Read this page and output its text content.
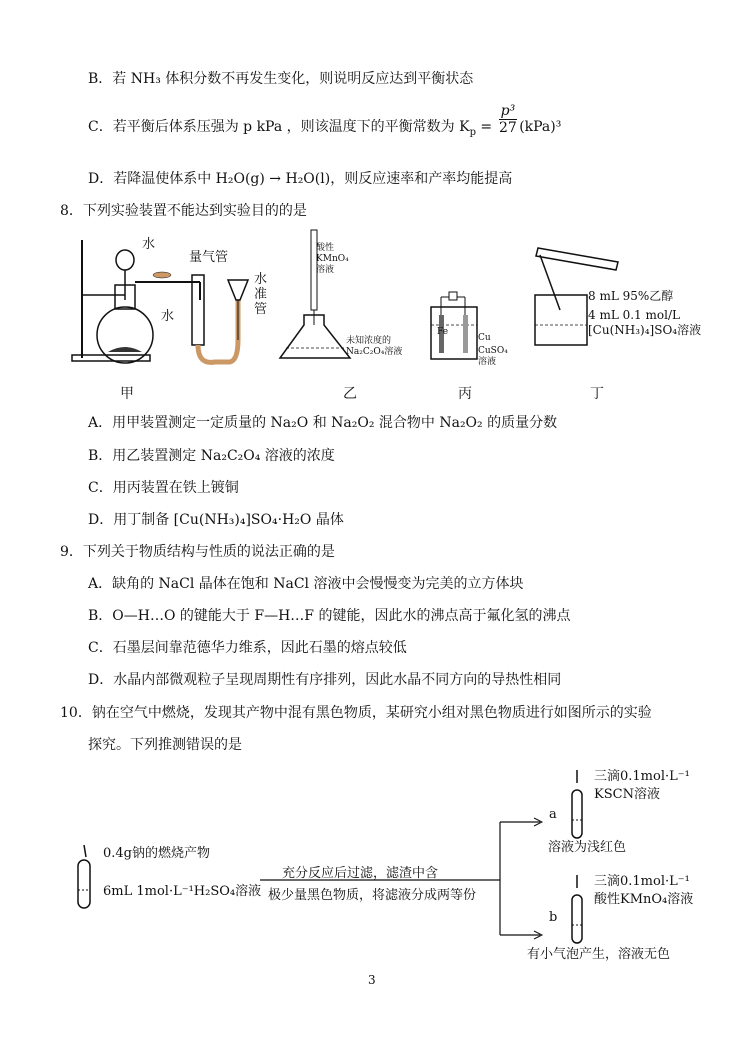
B．若 NH₃ 体积分数不再发生变化，则说明反应达到平衡状态
C．若平衡后体系压强为 p kPa ，则该温度下的平衡常数为 $K_p = \frac{\text{p³}}{27} (kPa)^3$
D．若降温使体系中 H₂O(g) → H₂O(l)，则反应速率和产率均能提高
8．下列实验装置不能达到实验目的的是
水
量气管
水
水准管
甲
酸性KMnO₄溶液
未知浓度的Na₂C₂O₄溶液
乙
Fe
Cu
CuSO₄溶液
丙
8 mL 95%乙醇
4 mL 0.1 mol/L [Cu(NH₃)₄]SO₄溶液
丁
A．用甲装置测定一定质量的 Na₂O 和 Na₂O₂ 混合物中 Na₂O₂ 的质量分数
B．用乙装置测定 Na₂C₂O₄ 溶液的浓度
C．用丙装置在铁上镀铜
D．用丁制备 [Cu(NH₃)₄]SO₄·H₂O 晶体
9．下列关于物质结构与性质的说法正确的是
A．缺角的 NaCl 晶体在饱和 NaCl 溶液中会慢慢变为完美的立方体块
B．O—H…O 的键能大于 F—H…F 的键能，因此水的沸点高于氟化氢的沸点
C．石墨层间靠范德华力维系，因此石墨的熔点较低
D．水晶内部微观粒子呈现周期性有序排列，因此水晶不同方向的导热性相同
10．钠在空气中燃烧，发现其产物中混有黑色物质，某研究小组对黑色物质进行如图所示的实验
探究。下列推测错误的是
0.4g钠的燃烧产物
6mL 1mol·L⁻¹H₂SO₄溶液
充分反应后过滤，滤渣中含
极少量黑色物质，将滤液分成两等份
a
三滴0.1mol·L⁻¹
KSCN溶液
溶液为浅红色
b
三滴0.1mol·L⁻¹
酸性KMnO₄溶液
有小气泡产生，溶液无色
3
